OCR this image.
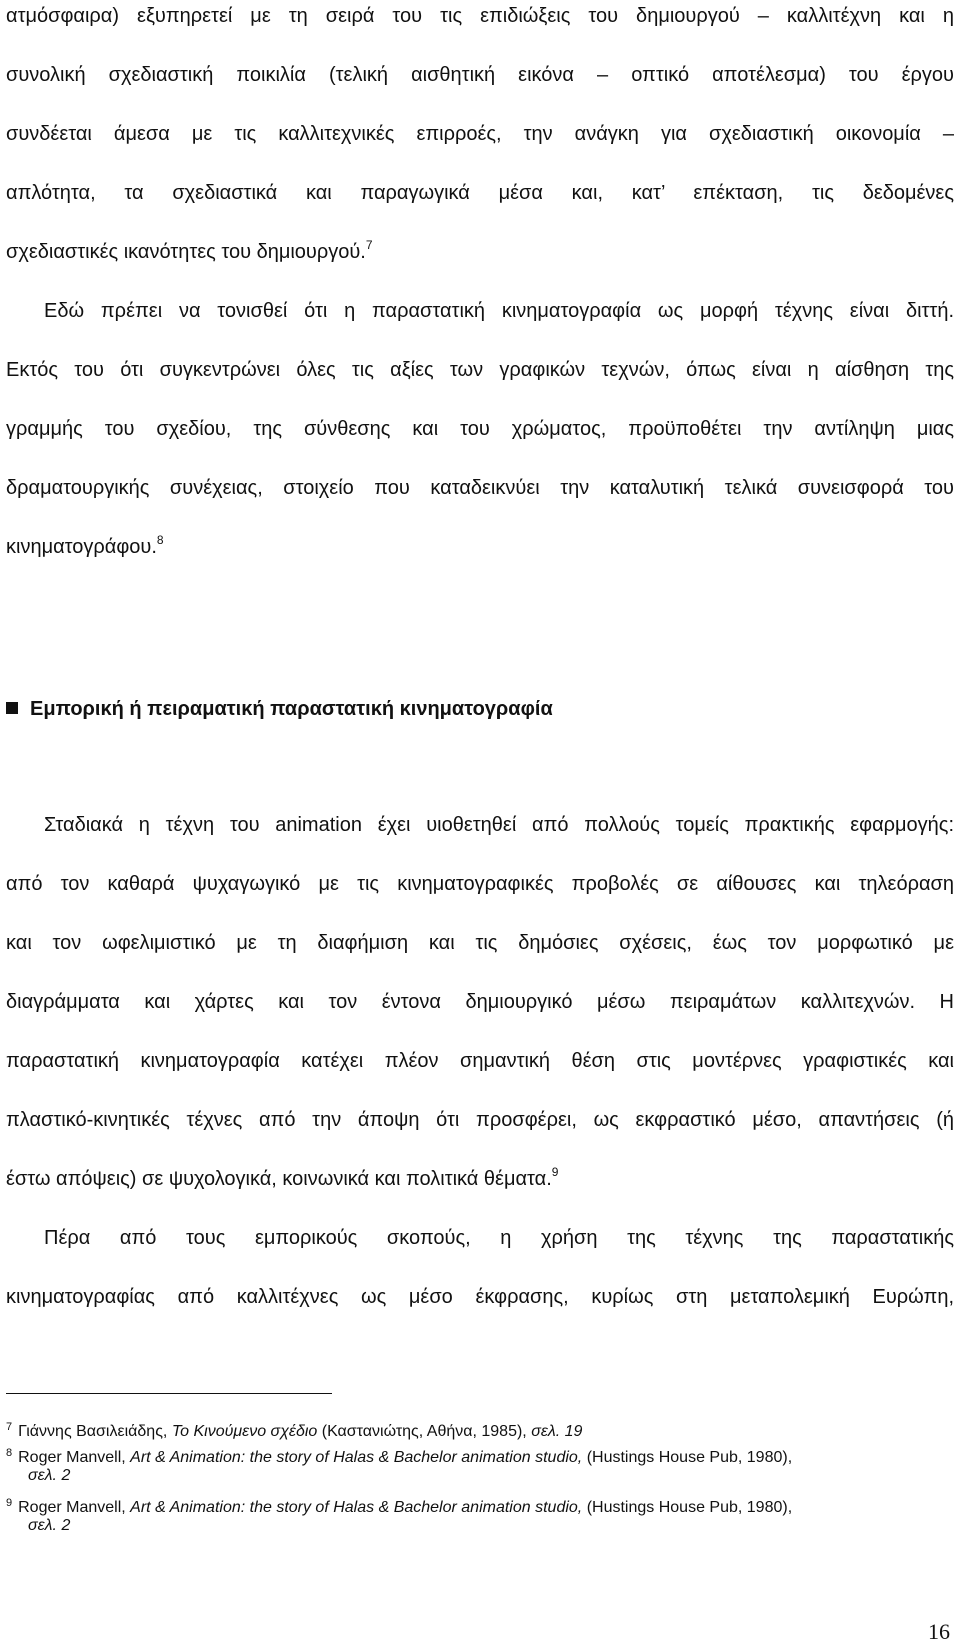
ατμόσφαιρα) εξυπηρετεί με τη σειρά του τις επιδιώξεις του δημιουργού – καλλιτέχνη και η
συνολική σχεδιαστική ποικιλία (τελική αισθητική εικόνα – οπτικό αποτέλεσμα) του έργου
συνδέεται άμεσα με τις καλλιτεχνικές επιρροές, την ανάγκη για σχεδιαστική οικονομία –
απλότητα, τα σχεδιαστικά και παραγωγικά μέσα και, κατ’ επέκταση, τις δεδομένες
σχεδιαστικές ικανότητες του δημιουργού.$^7$
Εδώ πρέπει να τονισθεί ότι η παραστατική κινηματογραφία ως μορφή τέχνης είναι διττή.
Εκτός του ότι συγκεντρώνει όλες τις αξίες των γραφικών τεχνών, όπως είναι η αίσθηση της
γραμμής του σχεδίου, της σύνθεσης και του χρώματος, προϋποθέτει την αντίληψη μιας
δραματουργικής συνέχειας, στοιχείο που καταδεικνύει την καταλυτική τελικά συνεισφορά του
κινηματογράφου.$^8$
Εμπορική ή πειραματική παραστατική κινηματογραφία
Σταδιακά η τέχνη του animation έχει υιοθετηθεί από πολλούς τομείς πρακτικής εφαρμογής:
από τον καθαρά ψυχαγωγικό με τις κινηματογραφικές προβολές σε αίθουσες και τηλεόραση
και τον ωφελιμιστικό με τη διαφήμιση και τις δημόσιες σχέσεις, έως τον μορφωτικό με
διαγράμματα και χάρτες και τον έντονα δημιουργικό μέσω πειραμάτων καλλιτεχνών. Η
παραστατική κινηματογραφία κατέχει πλέον σημαντική θέση στις μοντέρνες γραφιστικές και
πλαστικό-κινητικές τέχνες από την άποψη ότι προσφέρει, ως εκφραστικό μέσο, απαντήσεις (ή
έστω απόψεις) σε ψυχολογικά, κοινωνικά και πολιτικά θέματα.$^9$
Πέρα από τους εμπορικούς σκοπούς, η χρήση της τέχνης της παραστατικής
κινηματογραφίας από καλλιτέχνες ως μέσο έκφρασης, κυρίως στη μεταπολεμική Ευρώπη,
$^7$ Γιάννης Βασιλειάδης, Το Κινούμενο σχέδιο (Καστανιώτης, Αθήνα, 1985), σελ. 19
$^8$ Roger Manvell, Art & Animation: the story of Halas & Bachelor animation studio, (Hustings House Pub, 1980),
σελ. 2
$^9$ Roger Manvell, Art & Animation: the story of Halas & Bachelor animation studio, (Hustings House Pub, 1980),
σελ. 2
16
